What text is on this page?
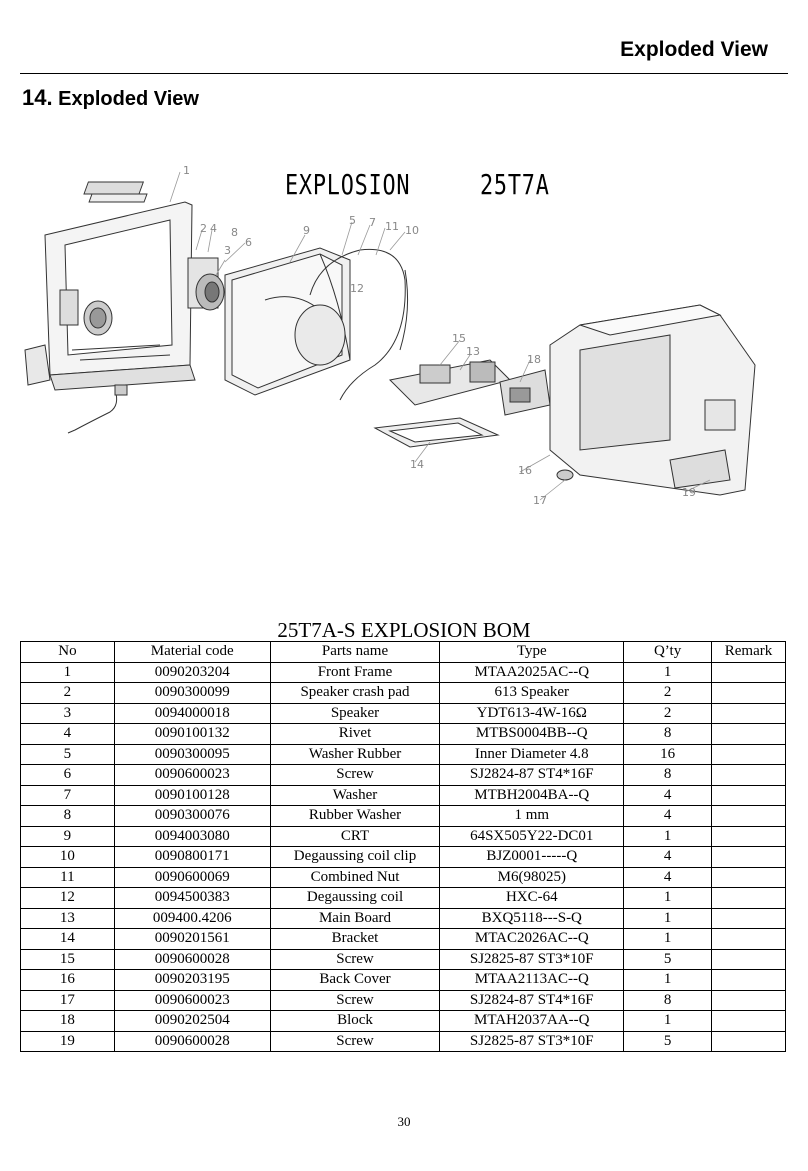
Exploded View
14. Exploded View
EXPLOSION     25T7A
1
2 4 8
3
6
9
5 7 11 10
12
15
13
18
14	16
17
19
25T7A-S EXPLOSION BOM
No	Material code	Parts name	Type	Q’ty	Remark
1	0090203204	Front Frame	MTAA2025AC--Q	1	
2	0090300099	Speaker crash pad	613 Speaker	2	
3	0094000018	Speaker	YDT613-4W-16Ω	2	
4	0090100132	Rivet	MTBS0004BB--Q	8	
5	0090300095	Washer Rubber	Inner Diameter 4.8	16	
6	0090600023	Screw	SJ2824-87 ST4*16F	8	
7	0090100128	Washer	MTBH2004BA--Q	4	
8	0090300076	Rubber Washer	1 mm	4	
9	0094003080	CRT	64SX505Y22-DC01	1	
10	0090800171	Degaussing coil clip	BJZ0001-----Q	4	
11	0090600069	Combined Nut	M6(98025)	4	
12	0094500383	Degaussing coil	HXC-64	1	
13	009400.4206	Main Board	BXQ5118---S-Q	1	
14	0090201561	Bracket	MTAC2026AC--Q	1	
15	0090600028	Screw	SJ2825-87 ST3*10F	5	
16	0090203195	Back Cover	MTAA2113AC--Q	1	
17	0090600023	Screw	SJ2824-87 ST4*16F	8	
18	0090202504	Block	MTAH2037AA--Q	1	
19	0090600028	Screw	SJ2825-87 ST3*10F	5	
30
